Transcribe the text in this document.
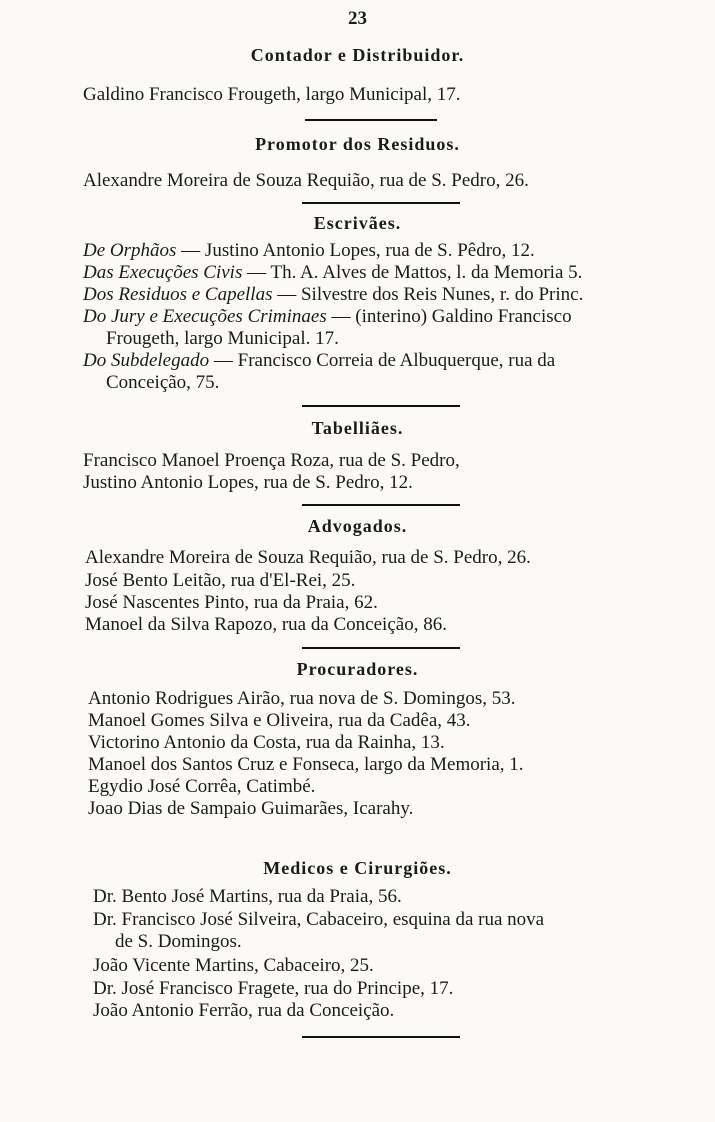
23
Contador e Distribuidor.
Galdino Francisco Frougeth, largo Municipal, 17.
Promotor dos Residuos.
Alexandre Moreira de Souza Requião, rua de S. Pedro, 26.
Escrivães.
De Orphãos — Justino Antonio Lopes, rua de S. Pêdro, 12.
Das Execuções Civis — Th. A. Alves de Mattos, l. da Memoria 5.
Dos Residuos e Capellas — Silvestre dos Reis Nunes, r. do Princ.
Do Jury e Execuções Criminaes — (interino) Galdino Francisco
Frougeth, largo Municipal. 17.
Do Subdelegado — Francisco Correia de Albuquerque, rua da
Conceição, 75.
Tabelliães.
Francisco Manoel Proença Roza, rua de S. Pedro,
Justino Antonio Lopes, rua de S. Pedro, 12.
Advogados.
Alexandre Moreira de Souza Requião, rua de S. Pedro, 26.
José Bento Leitão, rua d'El-Rei, 25.
José Nascentes Pinto, rua da Praia, 62.
Manoel da Silva Rapozo, rua da Conceição, 86.
Procuradores.
Antonio Rodrigues Airão, rua nova de S. Domingos, 53.
Manoel Gomes Silva e Oliveira, rua da Cadêa, 43.
Victorino Antonio da Costa, rua da Rainha, 13.
Manoel dos Santos Cruz e Fonseca, largo da Memoria, 1.
Egydio José Corrêa, Catimbé.
Joao Dias de Sampaio Guimarães, Icarahy.
Medicos e Cirurgiões.
Dr. Bento José Martins, rua da Praia, 56.
Dr. Francisco José Silveira, Cabaceiro, esquina da rua nova
de S. Domingos.
João Vicente Martins, Cabaceiro, 25.
Dr. José Francisco Fragete, rua do Principe, 17.
João Antonio Ferrão, rua da Conceição.
